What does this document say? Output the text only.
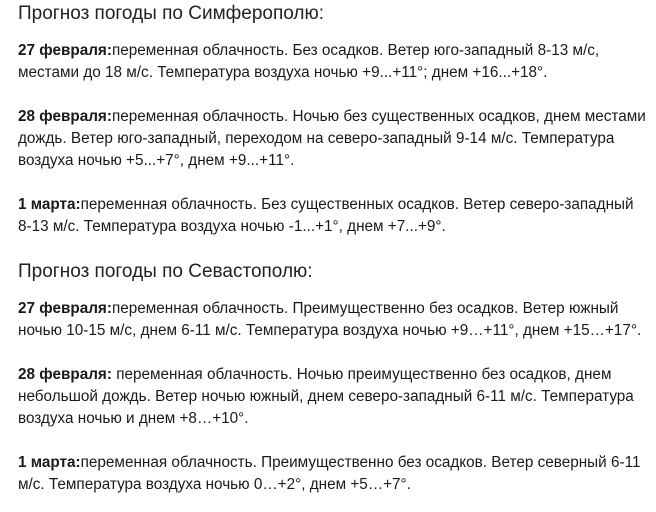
Прогноз погоды по Симферополю:

27 февраля:переменная облачность. Без осадков. Ветер юго-западный 8-13 м/с, местами до 18 м/с. Температура воздуха ночью +9...+11°; днем +16...+18°.

28 февраля:переменная облачность. Ночью без существенных осадков, днем местами дождь. Ветер юго-западный, переходом на северо-западный 9-14 м/с. Температура воздуха ночью +5...+7°, днем +9...+11°.

1 марта:переменная облачность. Без существенных осадков. Ветер северо-западный 8-13 м/с. Температура воздуха ночью -1...+1°, днем +7...+9°.

Прогноз погоды по Севастополю:

27 февраля:переменная облачность. Преимущественно без осадков. Ветер южный ночью 10-15 м/с, днем 6-11 м/с. Температура воздуха ночью +9…+11°, днем +15…+17°.

28 февраля: переменная облачность. Ночью преимущественно без осадков, днем небольшой дождь. Ветер ночью южный, днем северо-западный 6-11 м/с. Температура воздуха ночью и днем +8…+10°.

1 марта:переменная облачность. Преимущественно без осадков. Ветер северный 6-11 м/с. Температура воздуха ночью 0…+2°, днем +5…+7°.
